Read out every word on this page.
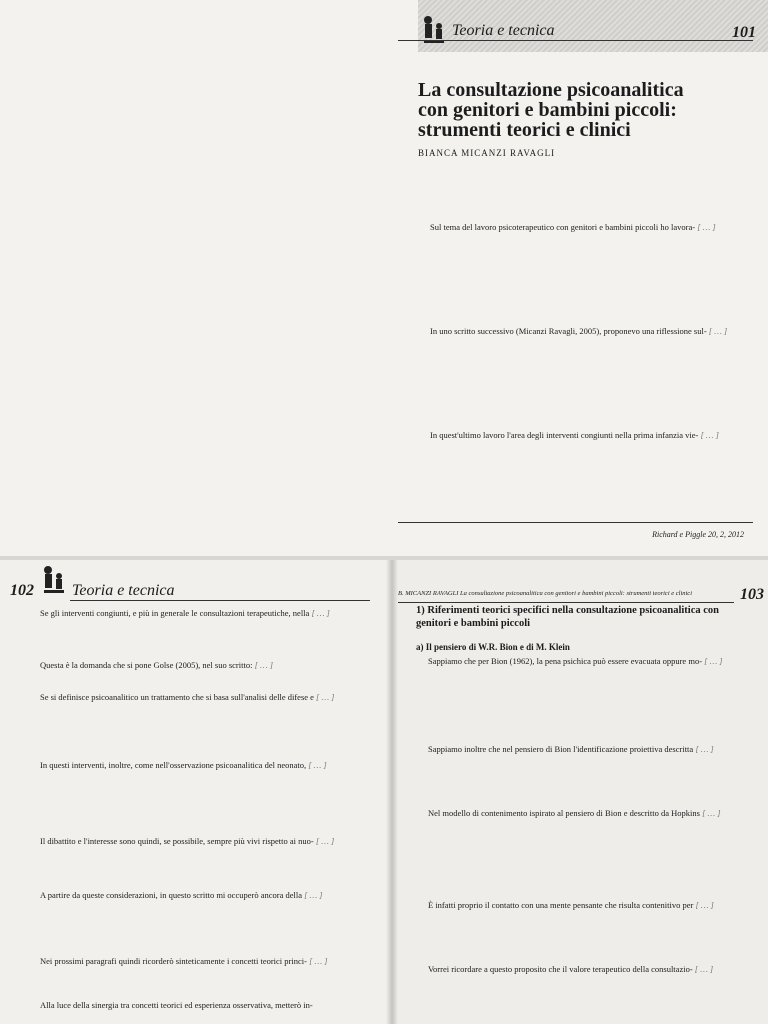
Teoria e tecnica	101
La consultazione psicoanalitica
con genitori e bambini piccoli:
strumenti teorici e clinici
BIANCA MICANZI RAVAGLI
Sul tema del lavoro psicoterapeutico con genitori e bambini piccoli ho lavora- [ … ]
In uno scritto successivo (Micanzi Ravagli, 2005), proponevo una riflessione sul- [ … ]
In quest'ultimo lavoro l'area degli interventi congiunti nella prima infanzia vie- [ … ]
Richard e Piggle 20, 2, 2012
102 Teoria e tecnica
Se gli interventi congiunti, e più in generale le consultazioni terapeutiche, nella [ … ]
Questa è la domanda che si pone Golse (2005), nel suo scritto: [ … ]
Se si definisce psicoanalitico un trattamento che si basa sull'analisi delle difese e [ … ]
In questi interventi, inoltre, come nell'osservazione psicoanalitica del neonato, [ … ]
Il dibattito e l'interesse sono quindi, se possibile, sempre più vivi rispetto ai nuo- [ … ]
A partire da queste considerazioni, in questo scritto mi occuperò ancora della [ … ]
Nei prossimi paragrafi quindi ricorderò sinteticamente i concetti teorici princi- [ … ]
Alla luce della sinergia tra concetti teorici ed esperienza osservativa, metterò in-
B. MICANZI RAVAGLI La consultazione psicoanalitica con genitori e bambini piccoli: strumenti teorici e clinici	103
1) Riferimenti teorici specifici nella consultazione psicoanalitica con genitori e bambini piccoli
a) Il pensiero di W.R. Bion e di M. Klein
Sappiamo che per Bion (1962), la pena psichica può essere evacuata oppure mo- [ … ]
Sappiamo inoltre che nel pensiero di Bion l'identificazione proiettiva descritta [ … ]
Nel modello di contenimento ispirato al pensiero di Bion e descritto da Hopkins [ … ]
È infatti proprio il contatto con una mente pensante che risulta contenitivo per [ … ]
Vorrei ricordare a questo proposito che il valore terapeutico della consultazio- [ … ]
